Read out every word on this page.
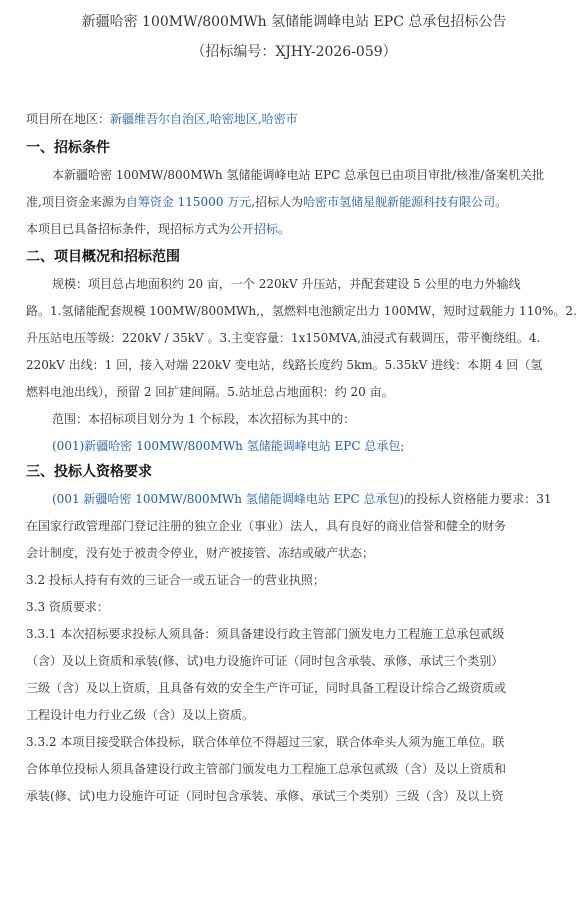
新疆哈密 100MW/800MWh 氢储能调峰电站 EPC 总承包招标公告
（招标编号：XJHY-2026-059）
项目所在地区：新疆维吾尔自治区,哈密地区,哈密市
一、招标条件

本新疆哈密 100MW/800MWh 氢储能调峰电站 EPC 总承包已由项目审批/核准/备案机关批

准,项目资金来源为自筹资金 115000 万元,招标人为哈密市氢储星舰新能源科技有限公司。

本项目已具备招标条件，现招标方式为公开招标。

二、项目概况和招标范围

规模：项目总占地面积约 20 亩，一个 220kV 升压站，并配套建设 5 公里的电力外输线

路。1.氢储能配套规模 100MW/800MWh,，氢燃料电池额定出力 100MW，短时过载能力 110%。2.

升压站电压等级：220kV / 35kV 。3.主变容量：1x150MVA,油浸式有载调压，带平衡绕组。4.

220kV 出线：1 回，接入对端 220kV 变电站，线路长度约 5km。5.35kV 进线：本期 4 回（氢

燃料电池出线），预留 2 回扩建间隔。5.站址总占地面积：约 20 亩。

范围：本招标项目划分为 1 个标段，本次招标为其中的：

(001)新疆哈密 100MW/800MWh 氢储能调峰电站 EPC 总承包;

三、投标人资格要求

(001 新疆哈密 100MW/800MWh 氢储能调峰电站 EPC 总承包)的投标人资格能力要求：31

在国家行政管理部门登记注册的独立企业（事业）法人，具有良好的商业信誉和健全的财务

会计制度，没有处于被责令停业，财产被接管、冻结或破产状态；

3.2 投标人持有有效的三证合一或五证合一的营业执照；

3.3 资质要求：

3.3.1 本次招标要求投标人须具备：须具备建设行政主管部门颁发电力工程施工总承包贰级

（含）及以上资质和承装(修、试)电力设施许可证（同时包含承装、承修、承试三个类别）

三级（含）及以上资质，且具备有效的安全生产许可证，同时具备工程设计综合乙级资质或

工程设计电力行业乙级（含）及以上资质。

3.3.2 本项目接受联合体投标，联合体单位不得超过三家，联合体牵头人须为施工单位。联

合体单位投标人须具备建设行政主管部门颁发电力工程施工总承包贰级（含）及以上资质和

承装(修、试)电力设施许可证（同时包含承装、承修、承试三个类别）三级（含）及以上资
